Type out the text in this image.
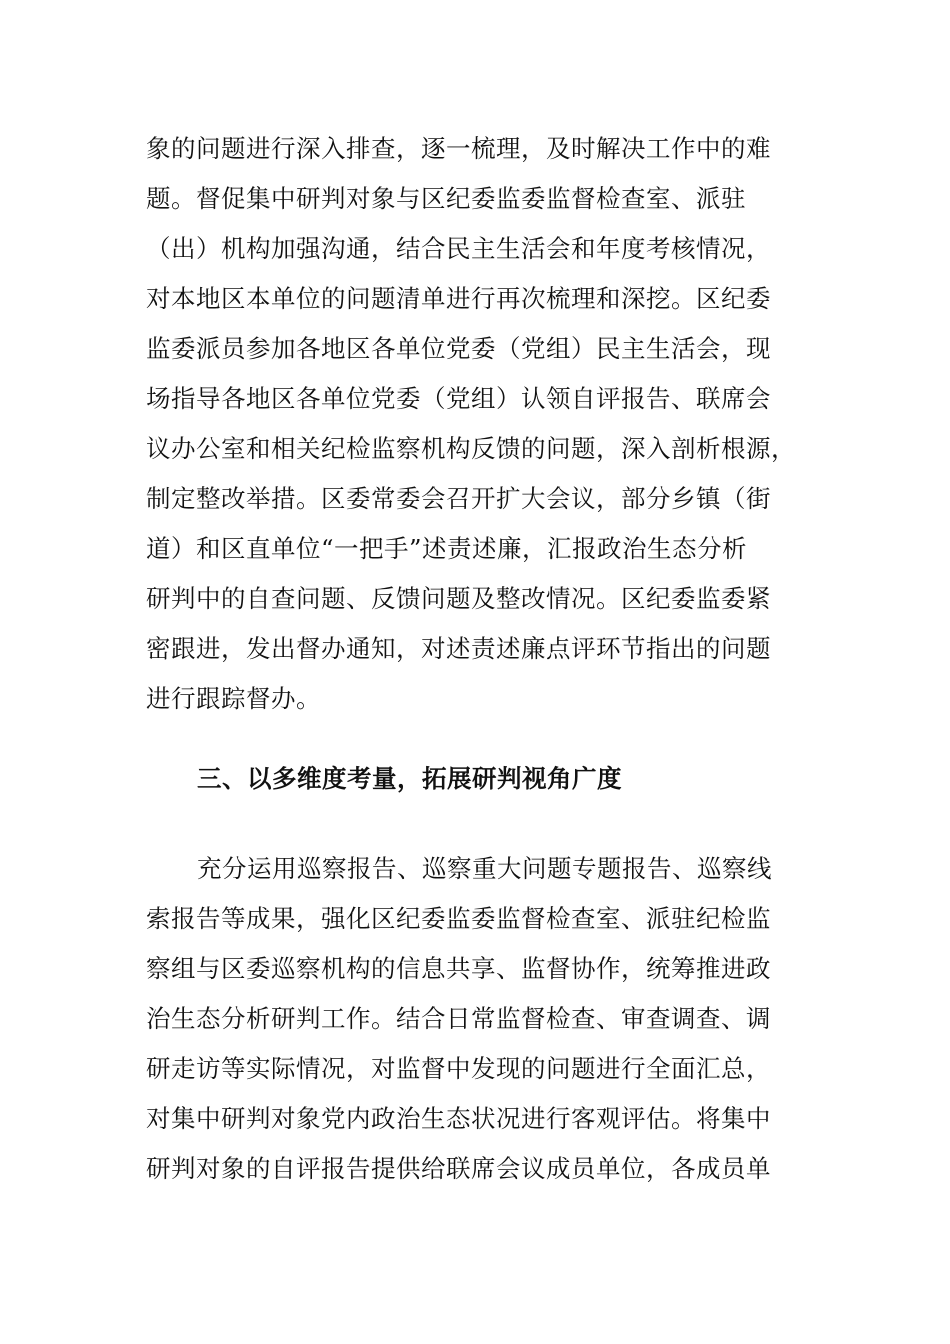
象的问题进行深入排查，逐一梳理，及时解决工作中的难
题。督促集中研判对象与区纪委监委监督检查室、派驻
（出）机构加强沟通，结合民主生活会和年度考核情况，
对本地区本单位的问题清单进行再次梳理和深挖。区纪委
监委派员参加各地区各单位党委（党组）民主生活会，现
场指导各地区各单位党委（党组）认领自评报告、联席会
议办公室和相关纪检监察机构反馈的问题，深入剖析根源，
制定整改举措。区委常委会召开扩大会议，部分乡镇（街
道）和区直单位“一把手”述责述廉，汇报政治生态分析
研判中的自查问题、反馈问题及整改情况。区纪委监委紧
密跟进，发出督办通知，对述责述廉点评环节指出的问题
进行跟踪督办。
三、以多维度考量，拓展研判视角广度
充分运用巡察报告、巡察重大问题专题报告、巡察线
索报告等成果，强化区纪委监委监督检查室、派驻纪检监
察组与区委巡察机构的信息共享、监督协作，统筹推进政
治生态分析研判工作。结合日常监督检查、审查调查、调
研走访等实际情况，对监督中发现的问题进行全面汇总，
对集中研判对象党内政治生态状况进行客观评估。将集中
研判对象的自评报告提供给联席会议成员单位，各成员单
